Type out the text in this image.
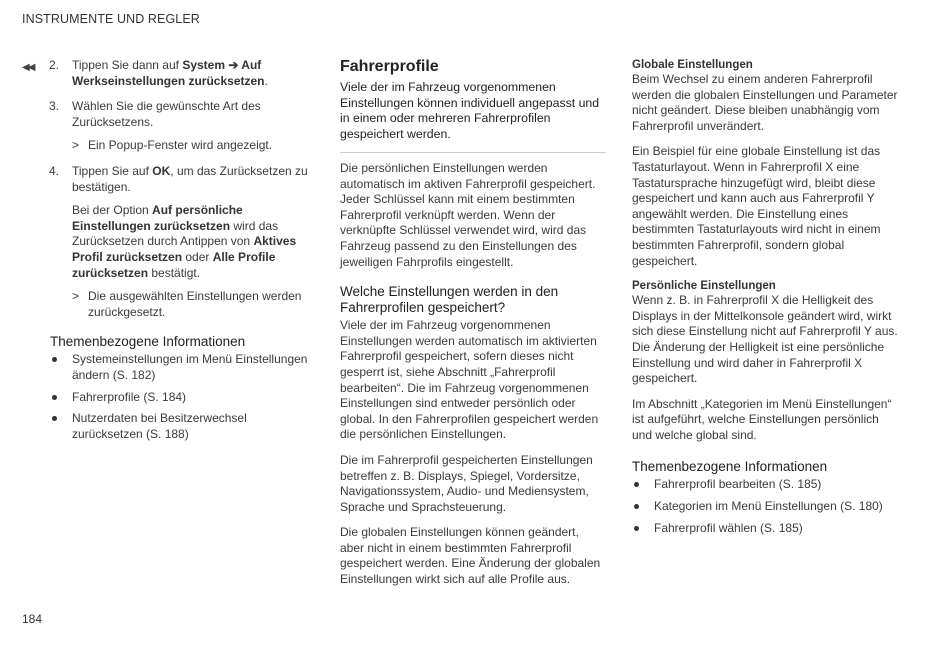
INSTRUMENTE UND REGLER
◀◀ 2. Tippen Sie dann auf System ➔ Auf Werkseinstellungen zurücksetzen.

3. Wählen Sie die gewünschte Art des Zurücksetzens.

> Ein Popup-Fenster wird angezeigt.
4. Tippen Sie auf OK, um das Zurücksetzen zu bestätigen.

Bei der Option Auf persönliche Einstellungen zurücksetzen wird das Zurücksetzen durch Antippen von Aktives Profil zurücksetzen oder Alle Profile zurücksetzen bestätigt.

> Die ausgewählten Einstellungen werden zurückgesetzt.
Themenbezogene Informationen
Systemeinstellungen im Menü Einstellungen ändern (S. 182)
Fahrerprofile (S. 184)
Nutzerdaten bei Besitzerwechsel zurücksetzen (S. 188)
Fahrerprofile

Viele der im Fahrzeug vorgenommenen Einstellungen können individuell angepasst und in einem oder mehreren Fahrerprofilen gespeichert werden.

Die persönlichen Einstellungen werden automatisch im aktiven Fahrerprofil gespeichert. Jeder Schlüssel kann mit einem bestimmten Fahrerprofil verknüpft werden. Wenn der verknüpfte Schlüssel verwendet wird, wird das Fahrzeug passend zu den Einstellungen des jeweiligen Fahrprofils eingestellt.

Welche Einstellungen werden in den Fahrerprofilen gespeichert?

Viele der im Fahrzeug vorgenommenen Einstellungen werden automatisch im aktivierten Fahrerprofil gespeichert, sofern dieses nicht gesperrt ist, siehe Abschnitt „Fahrerprofil bearbeiten“. Die im Fahrzeug vorgenommenen Einstellungen sind entweder persönlich oder global. In den Fahrerprofilen gespeichert werden die persönlichen Einstellungen.

Die im Fahrerprofil gespeicherten Einstellungen betreffen z. B. Displays, Spiegel, Vordersitze, Navigationssystem, Audio- und Mediensystem, Sprache und Sprachsteuerung.

Die globalen Einstellungen können geändert, aber nicht in einem bestimmten Fahrerprofil gespeichert werden. Eine Änderung der globalen Einstellungen wirkt sich auf alle Profile aus.

Globale Einstellungen

Beim Wechsel zu einem anderen Fahrerprofil werden die globalen Einstellungen und Parameter nicht geändert. Diese bleiben unabhängig vom Fahrerprofil unverändert.

Ein Beispiel für eine globale Einstellung ist das Tastaturlayout. Wenn in Fahrerprofil X eine Tastatursprache hinzugefügt wird, bleibt diese gespeichert und kann auch aus Fahrerprofil Y angewählt werden. Die Einstellung eines bestimmten Tastaturlayouts wird nicht in einem bestimmten Fahrerprofil, sondern global gespeichert.

Persönliche Einstellungen

Wenn z. B. in Fahrerprofil X die Helligkeit des Displays in der Mittelkonsole geändert wird, wirkt sich diese Einstellung nicht auf Fahrerprofil Y aus. Die Änderung der Helligkeit ist eine persönliche Einstellung und wird daher in Fahrerprofil X gespeichert.

Im Abschnitt „Kategorien im Menü Einstellungen“ ist aufgeführt, welche Einstellungen persönlich und welche global sind.

Themenbezogene Informationen
Fahrerprofil bearbeiten (S. 185)
Kategorien im Menü Einstellungen (S. 180)
Fahrerprofil wählen (S. 185)
184
